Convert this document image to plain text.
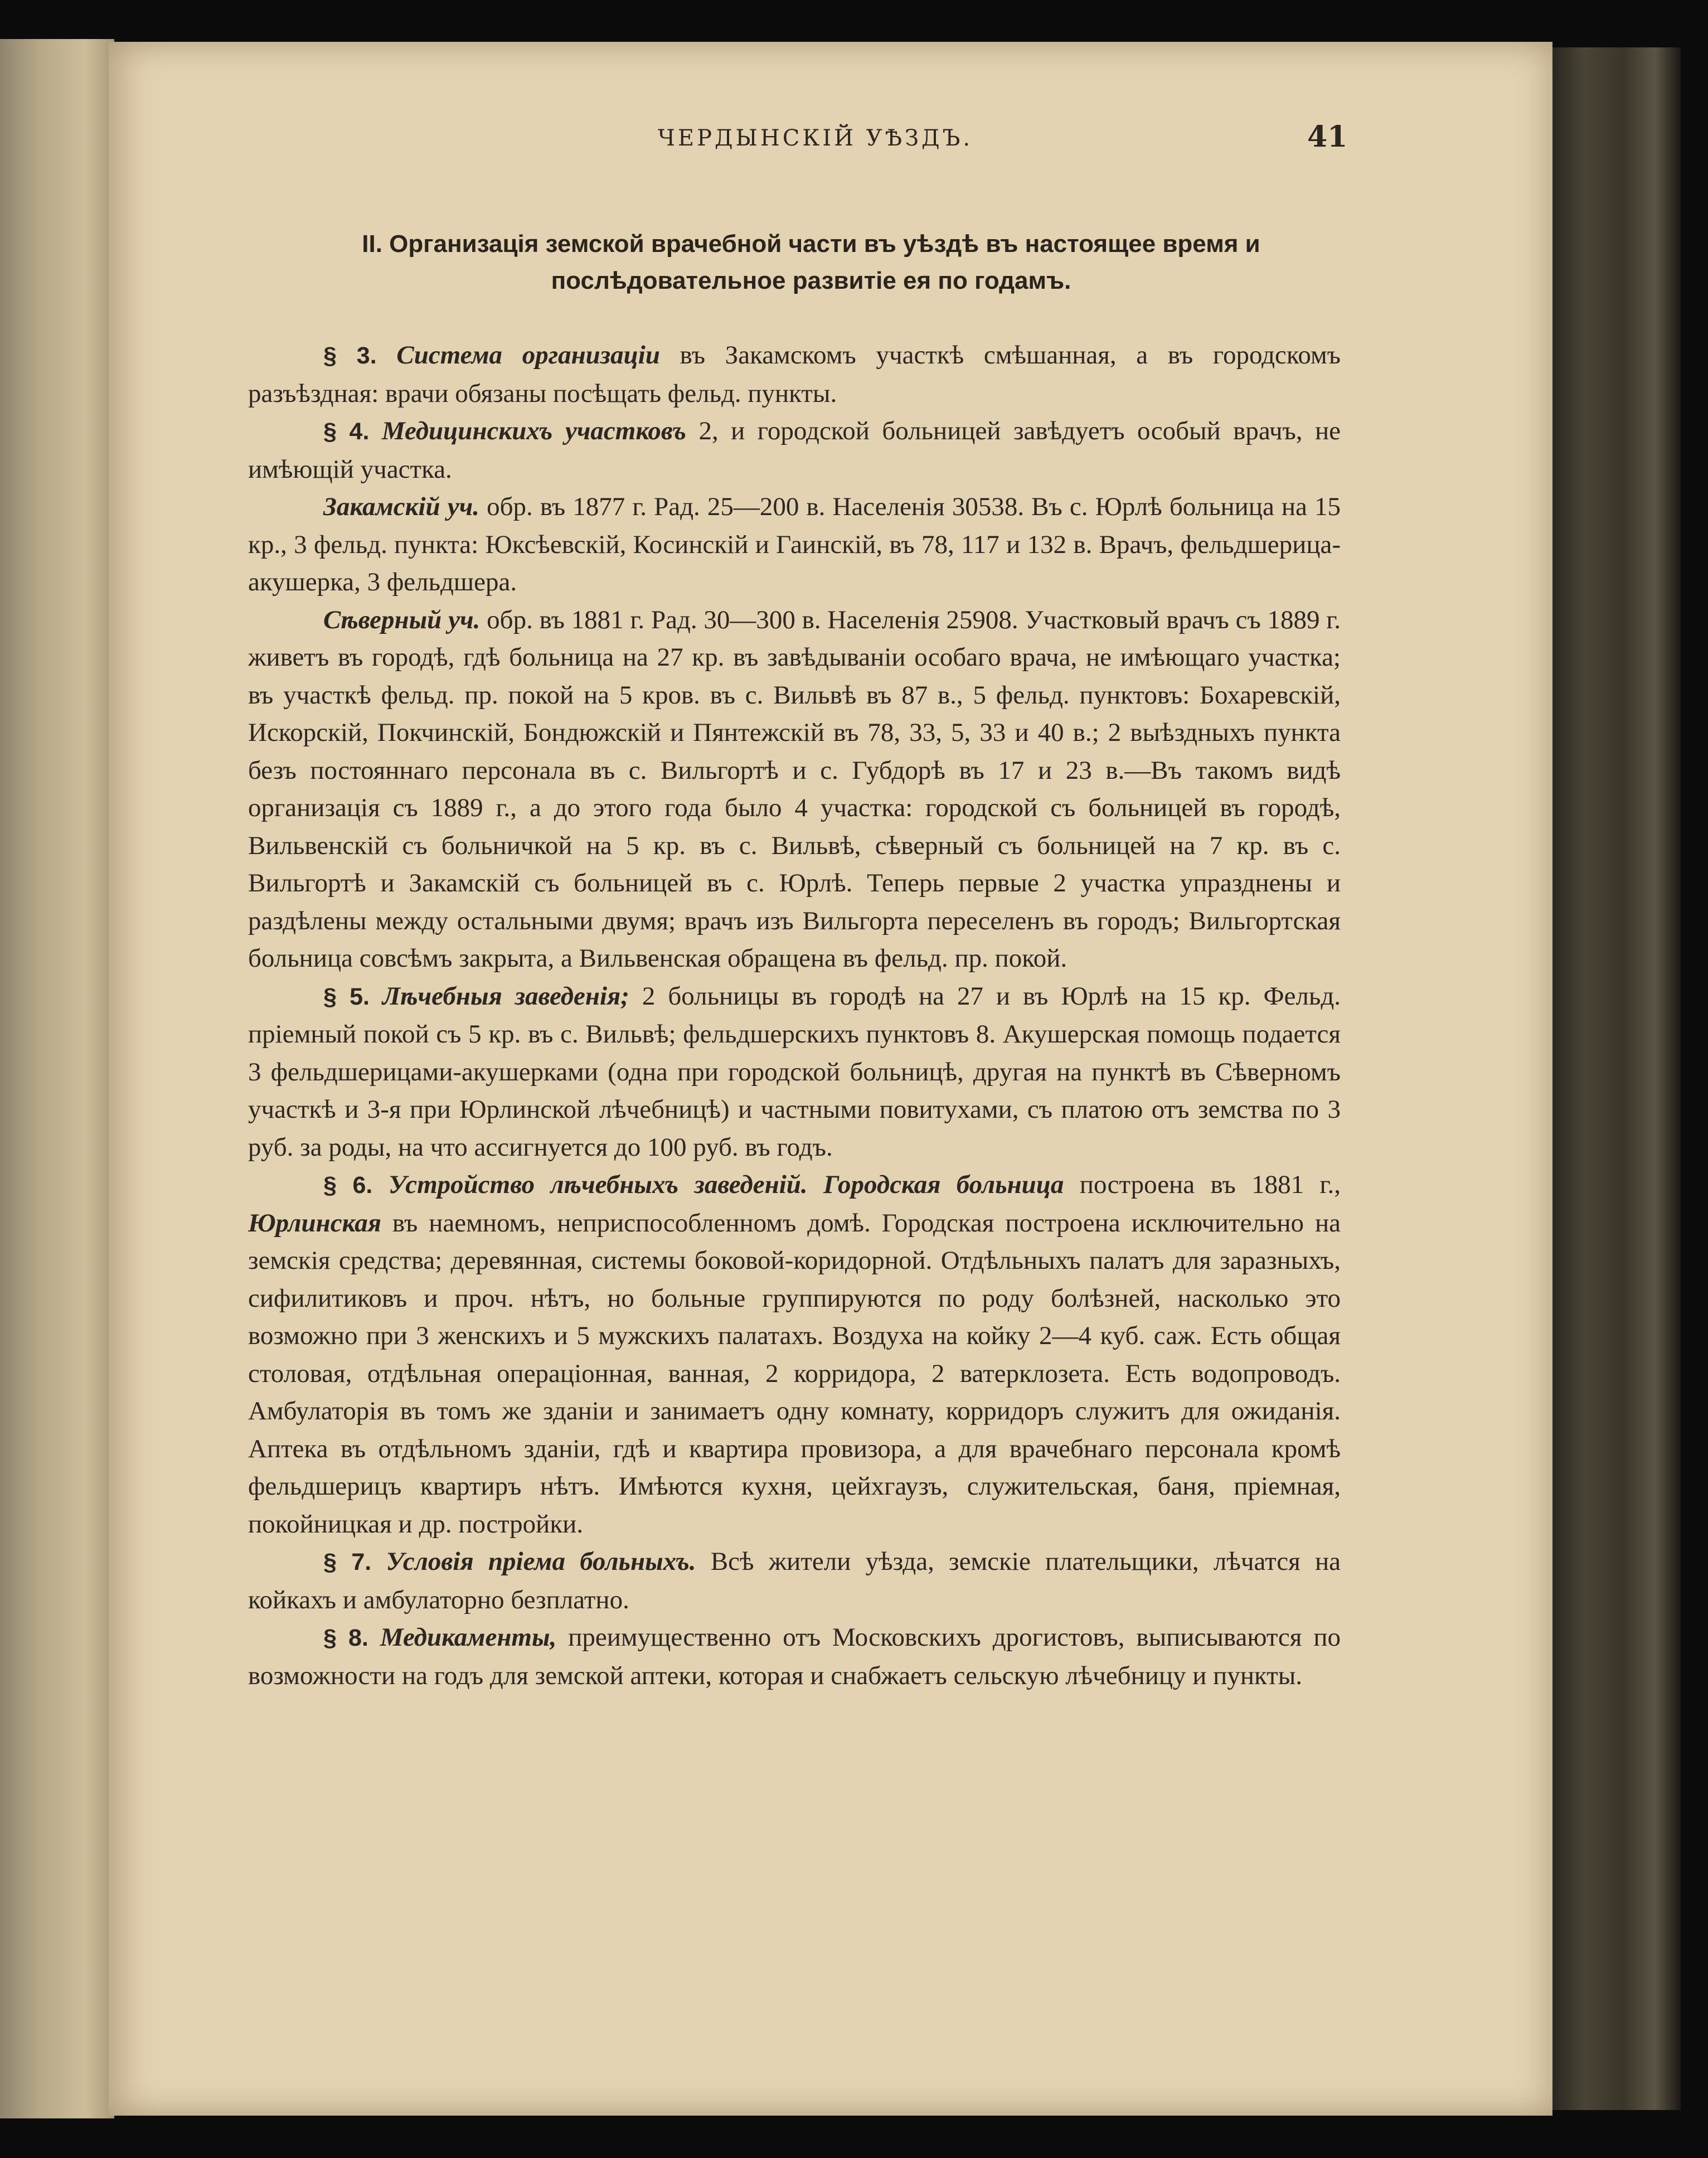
ЧЕРДЫНСКІЙ УѢЗДЪ.	41
II. Организація земской врачебной части въ уѣздѣ въ настоящее время и
послѣдовательное развитіе ея по годамъ.

§ 3. Система организаціи въ Закамскомъ участкѣ смѣшанная, а въ городскомъ разъѣздная: врачи обязаны посѣщать фельд. пункты.

§ 4. Медицинскихъ участковъ 2, и городской больницей завѣдуетъ особый врачъ, не имѣющій участка.

Закамскій уч. обр. въ 1877 г. Рад. 25—200 в. Населенія 30538. Въ с. Юрлѣ больница на 15 кр., 3 фельд. пункта: Юксѣевскій, Косинскій и Гаинскій, въ 78, 117 и 132 в. Врачъ, фельдшерица-акушерка, 3 фельдшера.

Сѣверный уч. обр. въ 1881 г. Рад. 30—300 в. Населенія 25908. Участковый врачъ съ 1889 г. живетъ въ городѣ, гдѣ больница на 27 кр. въ завѣдываніи особаго врача, не имѣющаго участка; въ участкѣ фельд. пр. покой на 5 кров. въ с. Вильвѣ въ 87 в., 5 фельд. пунктовъ: Бохаревскій, Искорскій, Покчинскій, Бондюжскій и Пянтежскій въ 78, 33, 5, 33 и 40 в.; 2 выѣздныхъ пункта безъ постояннаго персонала въ с. Вильгортѣ и с. Губдорѣ въ 17 и 23 в.—Въ такомъ видѣ организація съ 1889 г., а до этого года было 4 участка: городской съ больницей въ городѣ, Вильвенскій съ больничкой на 5 кр. въ с. Вильвѣ, сѣверный съ больницей на 7 кр. въ с. Вильгортѣ и Закамскій съ больницей въ с. Юрлѣ. Теперь первые 2 участка упразднены и раздѣлены между остальными двумя; врачъ изъ Вильгорта переселенъ въ городъ; Вильгортская больница совсѣмъ закрыта, а Вильвенская обращена въ фельд. пр. покой.

§ 5. Лѣчебныя заведенія; 2 больницы въ городѣ на 27 и въ Юрлѣ на 15 кр. Фельд. пріемный покой съ 5 кр. въ с. Вильвѣ; фельдшерскихъ пунктовъ 8. Акушерская помощь подается 3 фельдшерицами-акушерками (одна при городской больницѣ, другая на пунктѣ въ Сѣверномъ участкѣ и 3-я при Юрлинской лѣчебницѣ) и частными повитухами, съ платою отъ земства по 3 руб. за роды, на что ассигнуется до 100 руб. въ годъ.

§ 6. Устройство лѣчебныхъ заведеній. Городская больница построена въ 1881 г., Юрлинская въ наемномъ, неприспособленномъ домѣ. Городская построена исключительно на земскія средства; деревянная, системы боковой-коридорной. Отдѣльныхъ палатъ для заразныхъ, сифилитиковъ и проч. нѣтъ, но больные группируются по роду болѣзней, насколько это возможно при 3 женскихъ и 5 мужскихъ палатахъ. Воздуха на койку 2—4 куб. саж. Есть общая столовая, отдѣльная операціонная, ванная, 2 корридора, 2 ватерклозета. Есть водопроводъ. Амбулаторія въ томъ же зданіи и занимаетъ одну комнату, корридоръ служитъ для ожиданія. Аптека въ отдѣльномъ зданіи, гдѣ и квартира провизора, а для врачебнаго персонала кромѣ фельдшерицъ квартиръ нѣтъ. Имѣются кухня, цейхгаузъ, служительская, баня, пріемная, покойницкая и др. постройки.

§ 7. Условія пріема больныхъ. Всѣ жители уѣзда, земскіе плательщики, лѣчатся на койкахъ и амбулаторно безплатно.

§ 8. Медикаменты, преимущественно отъ Московскихъ дрогистовъ, выписываются по возможности на годъ для земской аптеки, которая и снабжаетъ сельскую лѣчебницу и пункты.
